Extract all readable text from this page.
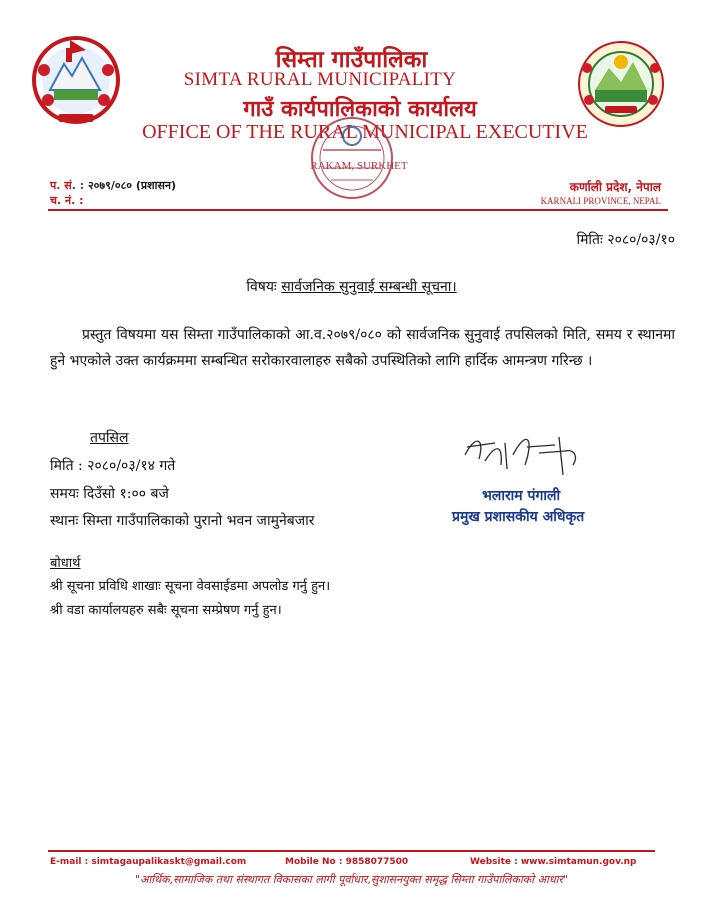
सिम्ता गाउँपालिका
SIMTA RURAL MUNICIPALITY
गाउँ कार्यपालिकाको कार्यालय
OFFICE OF THE RURAL MUNICIPAL EXECUTIVE
RAKAM, SURKHET
प. सं. : २०७९/०८० (प्रशासन)
च. नं. :
कर्णाली प्रदेश, नेपाल
KARNALI PROVINCE, NEPAL
मितिः २०८०/०३/१०
विषयः सार्वजनिक सुनुवाई सम्बन्धी सूचना।
प्रस्तुत विषयमा यस सिम्ता गाउँपालिकाको आ.व.२०७९/०८० को सार्वजनिक सुनुवाई तपसिलको मिति, समय र स्थानमा हुने भएकोले उक्त कार्यक्रममा सम्बन्धित सरोकारवालाहरु सबैको उपस्थितिको लागि हार्दिक आमन्त्रण गरिन्छ ।
तपसिल
मिति : २०८०/०३/१४ गते
समयः दिउँसो १:०० बजे
स्थानः सिम्ता गाउँपालिकाको पुरानो भवन जामुनेबजार
भलाराम पंगाली
प्रमुख प्रशासकीय अधिकृत
बोधार्थ
श्री सूचना प्रविधि शाखाः सूचना वेवसाईडमा अपलोड गर्नु हुन।
श्री वडा कार्यालयहरु सबैः सूचना सम्प्रेषण गर्नु हुन।
E-mail : simtagaupalikaskt@gmail.com	Mobile No : 9858077500	Website : www.simtamun.gov.np
"आर्थिक,सामाजिक तथा संस्थागत विकासका लागी पूर्वाधार,सुशासनयुक्त समृद्ध सिम्ता गाउँपालिकाको आधार"
